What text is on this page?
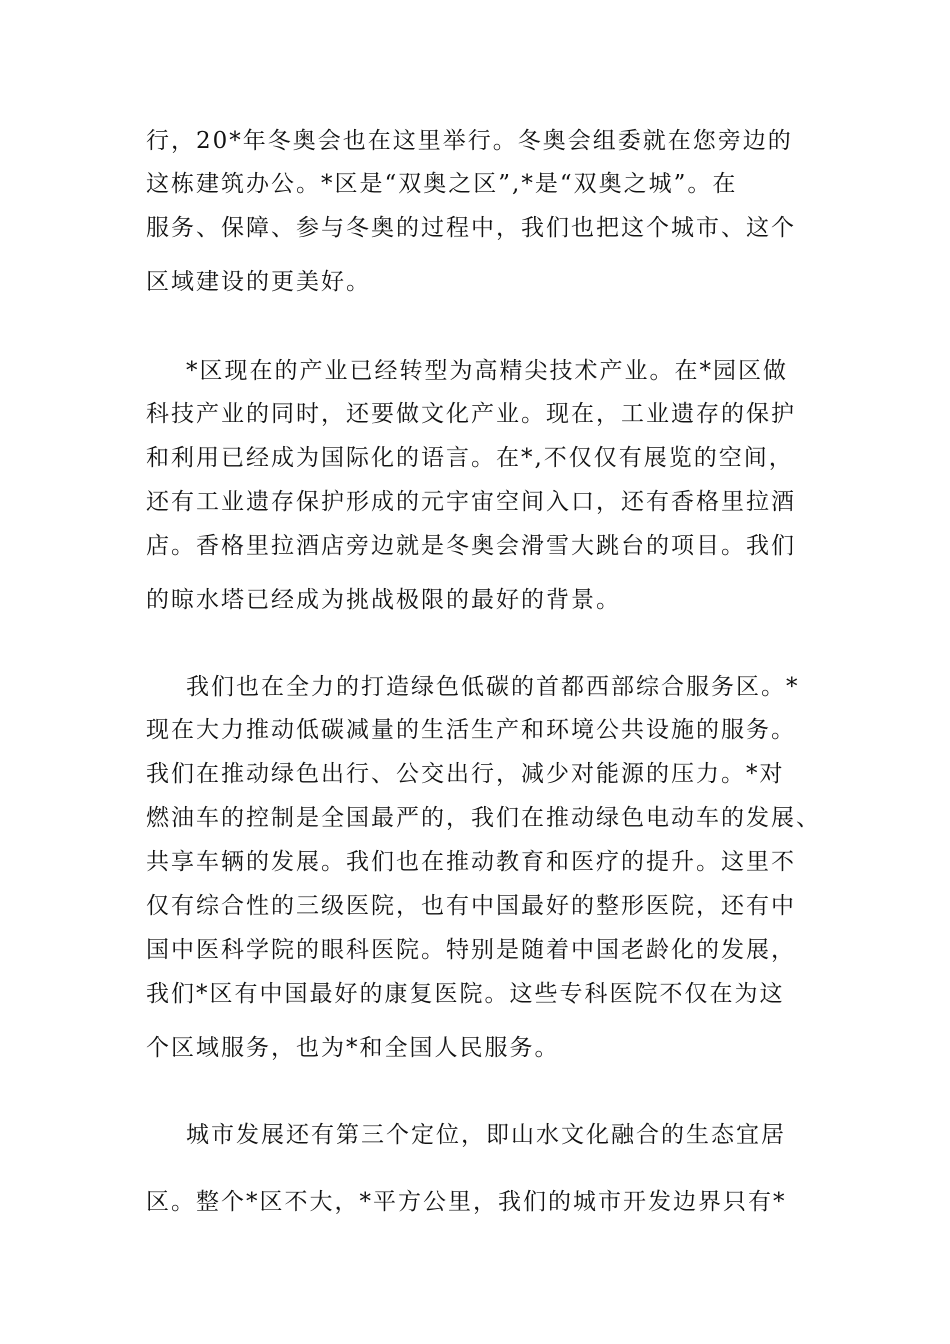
行，20*年冬奥会也在这里举行。冬奥会组委就在您旁边的
这栋建筑办公。*区是“双奥之区”,*是“双奥之城”。在
服务、保障、参与冬奥的过程中，我们也把这个城市、这个
区域建设的更美好。
*区现在的产业已经转型为高精尖技术产业。在*园区做
科技产业的同时，还要做文化产业。现在，工业遗存的保护
和利用已经成为国际化的语言。在*,不仅仅有展览的空间，
还有工业遗存保护形成的元宇宙空间入口，还有香格里拉酒
店。香格里拉酒店旁边就是冬奥会滑雪大跳台的项目。我们
的晾水塔已经成为挑战极限的最好的背景。
我们也在全力的打造绿色低碳的首都西部综合服务区。*
现在大力推动低碳减量的生活生产和环境公共设施的服务。
我们在推动绿色出行、公交出行，减少对能源的压力。*对
燃油车的控制是全国最严的，我们在推动绿色电动车的发展、
共享车辆的发展。我们也在推动教育和医疗的提升。这里不
仅有综合性的三级医院，也有中国最好的整形医院，还有中
国中医科学院的眼科医院。特别是随着中国老龄化的发展，
我们*区有中国最好的康复医院。这些专科医院不仅在为这
个区域服务，也为*和全国人民服务。
城市发展还有第三个定位，即山水文化融合的生态宜居
区。整个*区不大，*平方公里，我们的城市开发边界只有*
